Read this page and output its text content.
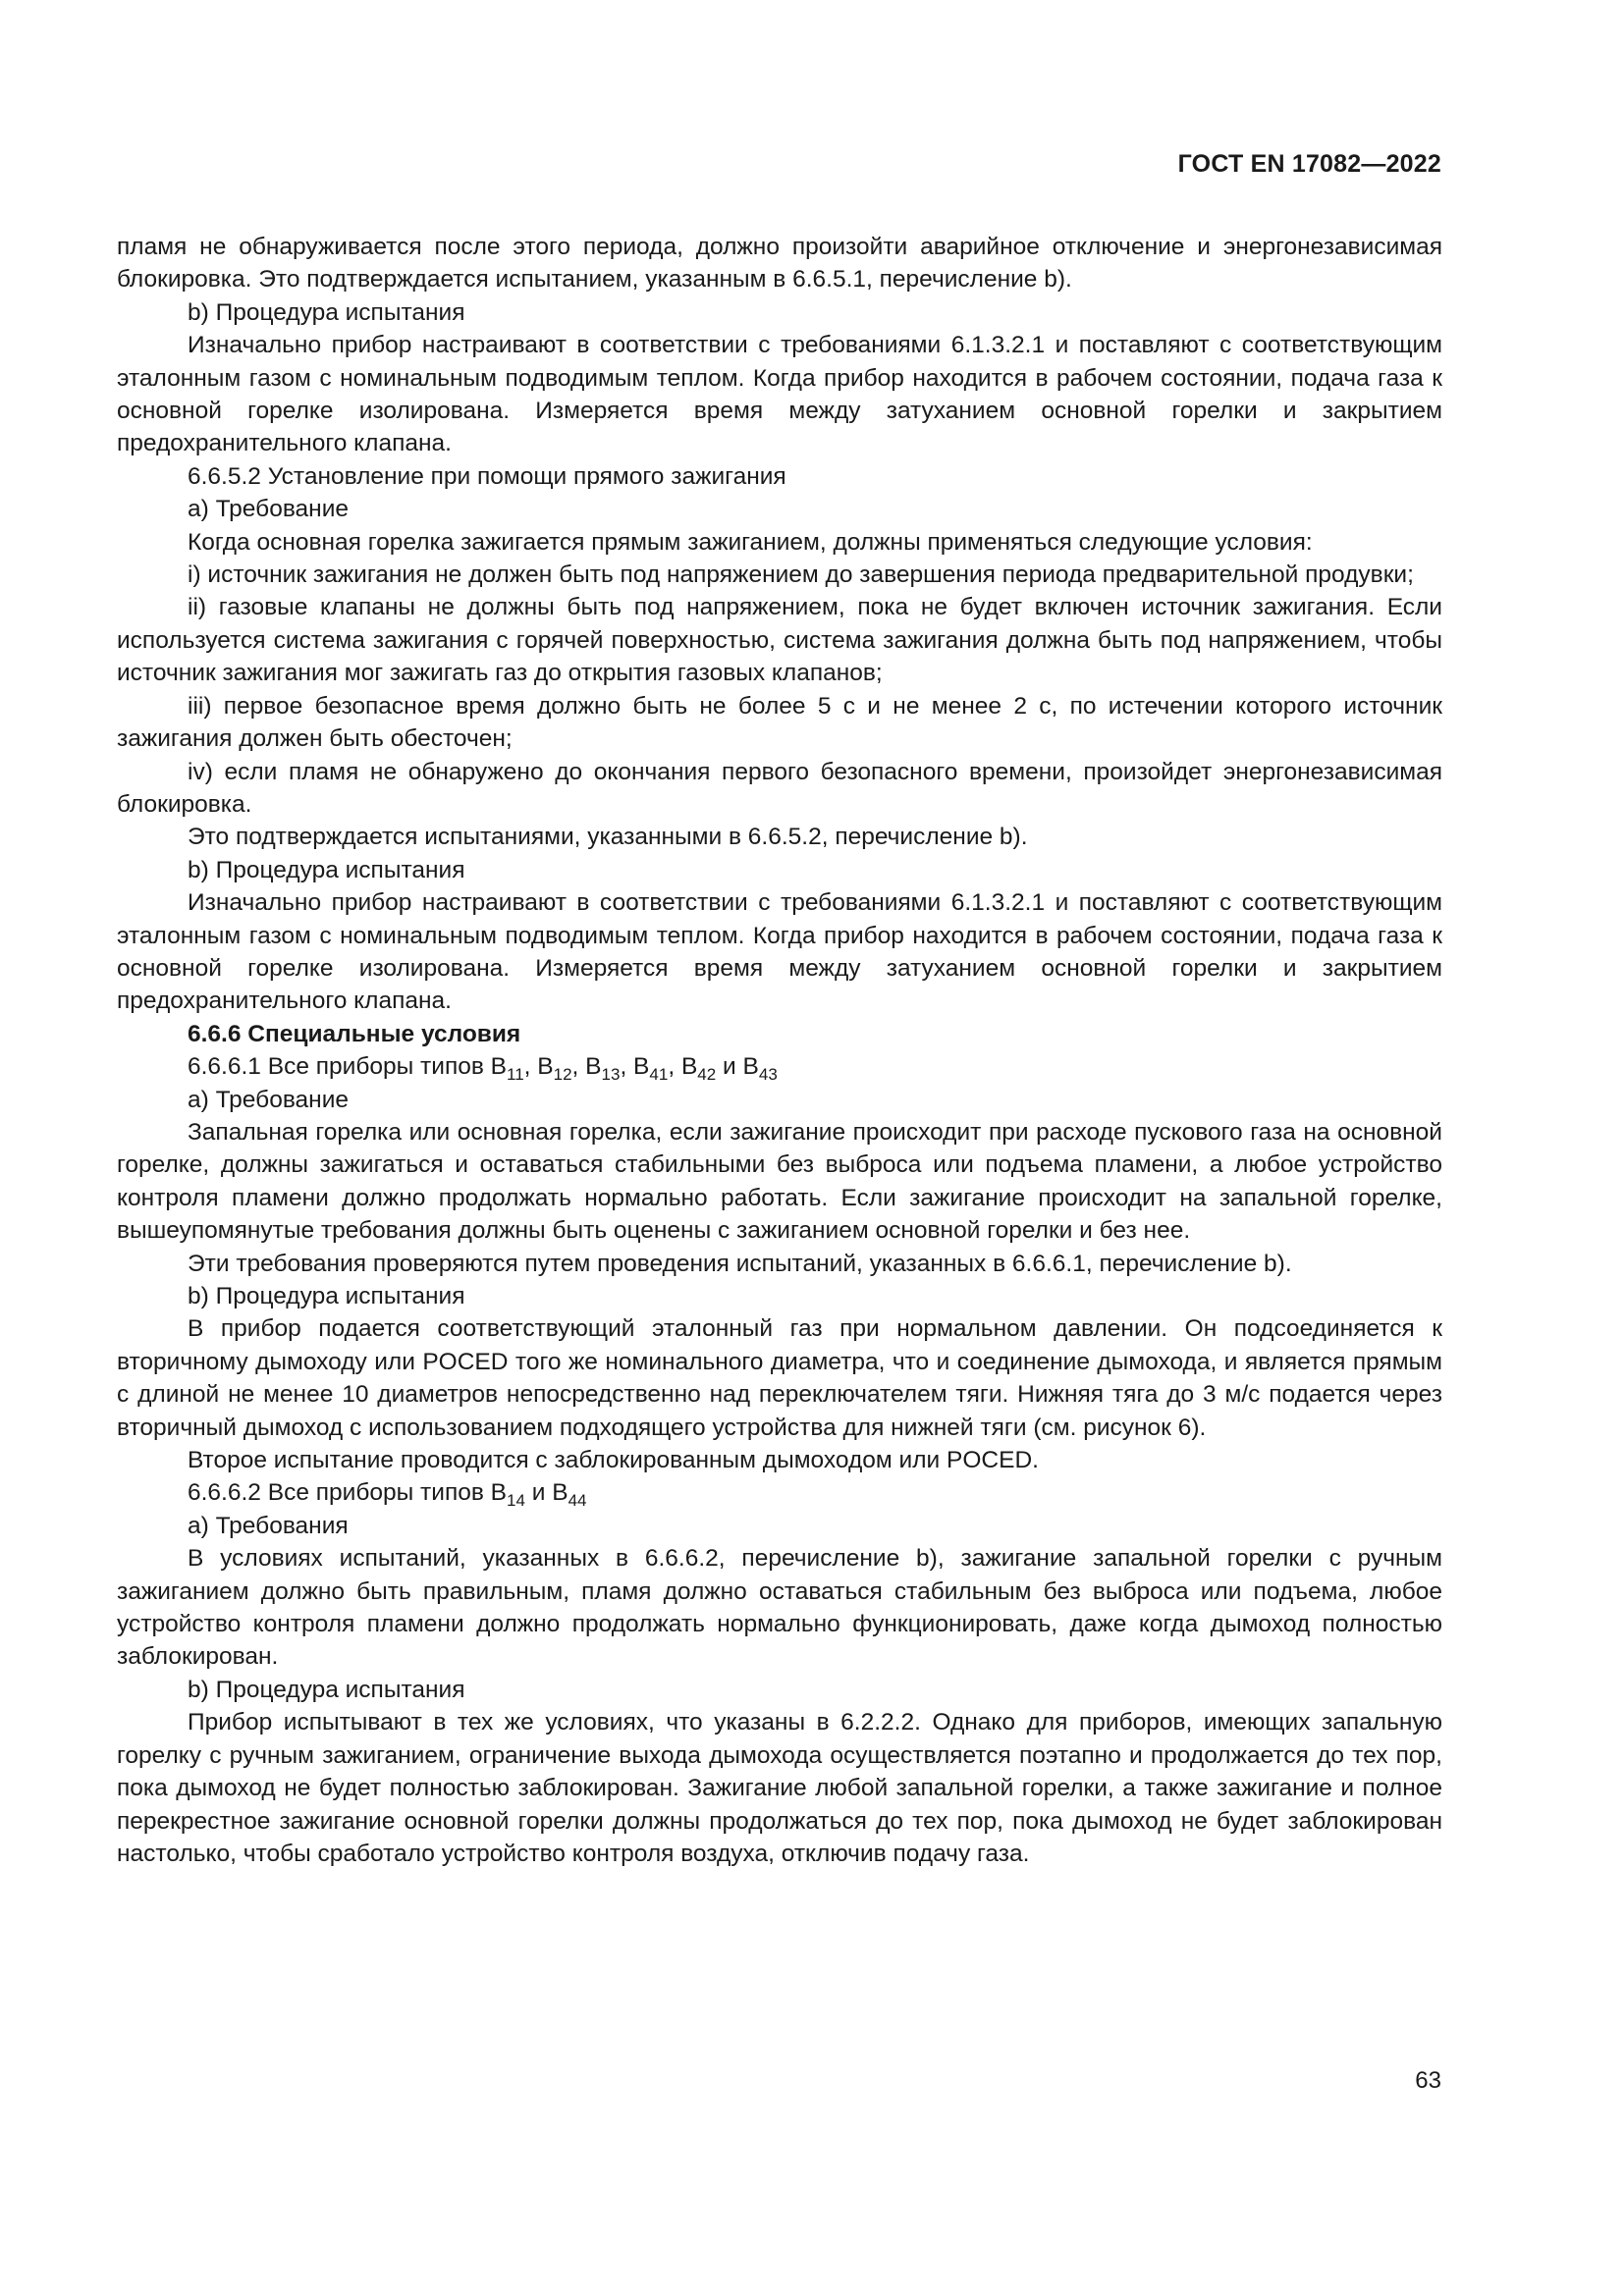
ГОСТ EN 17082—2022

пламя не обнаруживается после этого периода, должно произойти аварийное отключение и энергонезависимая блокировка. Это подтверждается испытанием, указанным в 6.6.5.1, перечисление b).

b) Процедура испытания

Изначально прибор настраивают в соответствии с требованиями 6.1.3.2.1 и поставляют с соответствующим эталонным газом с номинальным подводимым теплом. Когда прибор находится в рабочем состоянии, подача газа к основной горелке изолирована. Измеряется время между затуханием основной горелки и закрытием предохранительного клапана.

6.6.5.2 Установление при помощи прямого зажигания

а) Требование

Когда основная горелка зажигается прямым зажиганием, должны применяться следующие условия:

i) источник зажигания не должен быть под напряжением до завершения периода предварительной продувки;

ii) газовые клапаны не должны быть под напряжением, пока не будет включен источник зажигания. Если используется система зажигания с горячей поверхностью, система зажигания должна быть под напряжением, чтобы источник зажигания мог зажигать газ до открытия газовых клапанов;

iii) первое безопасное время должно быть не более 5 с и не менее 2 с, по истечении которого источник зажигания должен быть обесточен;

iv) если пламя не обнаружено до окончания первого безопасного времени, произойдет энергонезависимая блокировка.

Это подтверждается испытаниями, указанными в 6.6.5.2, перечисление b).

b) Процедура испытания

Изначально прибор настраивают в соответствии с требованиями 6.1.3.2.1 и поставляют с соответствующим эталонным газом с номинальным подводимым теплом. Когда прибор находится в рабочем состоянии, подача газа к основной горелке изолирована. Измеряется время между затуханием основной горелки и закрытием предохранительного клапана.

6.6.6 Специальные условия

6.6.6.1 Все приборы типов $B_{11}$, $B_{12}$, $B_{13}$, $B_{41}$, $B_{42}$ и $B_{43}$

а) Требование

Запальная горелка или основная горелка, если зажигание происходит при расходе пускового газа на основной горелке, должны зажигаться и оставаться стабильными без выброса или подъема пламени, а любое устройство контроля пламени должно продолжать нормально работать. Если зажигание происходит на запальной горелке, вышеупомянутые требования должны быть оценены с зажиганием основной горелки и без нее.

Эти требования проверяются путем проведения испытаний, указанных в 6.6.6.1, перечисление b).

b) Процедура испытания

В прибор подается соответствующий эталонный газ при нормальном давлении. Он подсоединяется к вторичному дымоходу или POCED того же номинального диаметра, что и соединение дымохода, и является прямым с длиной не менее 10 диаметров непосредственно над переключателем тяги. Нижняя тяга до 3 м/с подается через вторичный дымоход с использованием подходящего устройства для нижней тяги (см. рисунок 6).

Второе испытание проводится с заблокированным дымоходом или POCED.

6.6.6.2 Все приборы типов $B_{14}$ и $B_{44}$

а) Требования

В условиях испытаний, указанных в 6.6.6.2, перечисление b), зажигание запальной горелки с ручным зажиганием должно быть правильным, пламя должно оставаться стабильным без выброса или подъема, любое устройство контроля пламени должно продолжать нормально функционировать, даже когда дымоход полностью заблокирован.

b) Процедура испытания

Прибор испытывают в тех же условиях, что указаны в 6.2.2.2. Однако для приборов, имеющих запальную горелку с ручным зажиганием, ограничение выхода дымохода осуществляется поэтапно и продолжается до тех пор, пока дымоход не будет полностью заблокирован. Зажигание любой запальной горелки, а также зажигание и полное перекрестное зажигание основной горелки должны продолжаться до тех пор, пока дымоход не будет заблокирован настолько, чтобы сработало устройство контроля воздуха, отключив подачу газа.

63
